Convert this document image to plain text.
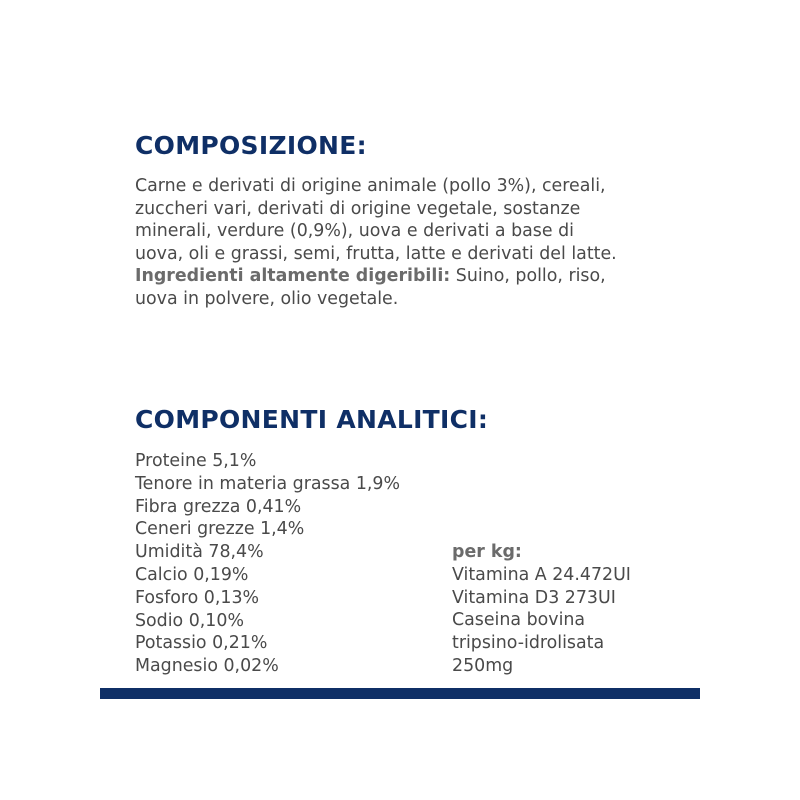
COMPOSIZIONE:
Carne e derivati di origine animale (pollo 3%), cereali,
zuccheri vari, derivati di origine vegetale, sostanze
minerali, verdure (0,9%), uova e derivati a base di
uova, oli e grassi, semi, frutta, latte e derivati del latte.
Ingredienti altamente digeribili: Suino, pollo, riso,
uova in polvere, olio vegetale.
COMPONENTI ANALITICI:
Proteine 5,1%
Tenore in materia grassa 1,9%
Fibra grezza 0,41%
Ceneri grezze 1,4%
Umidità 78,4%
Calcio 0,19%
Fosforo 0,13%
Sodio 0,10%
Potassio 0,21%
Magnesio 0,02%
per kg:
Vitamina A 24.472UI
Vitamina D3 273UI
Caseina bovina
tripsino-idrolisata
250mg
